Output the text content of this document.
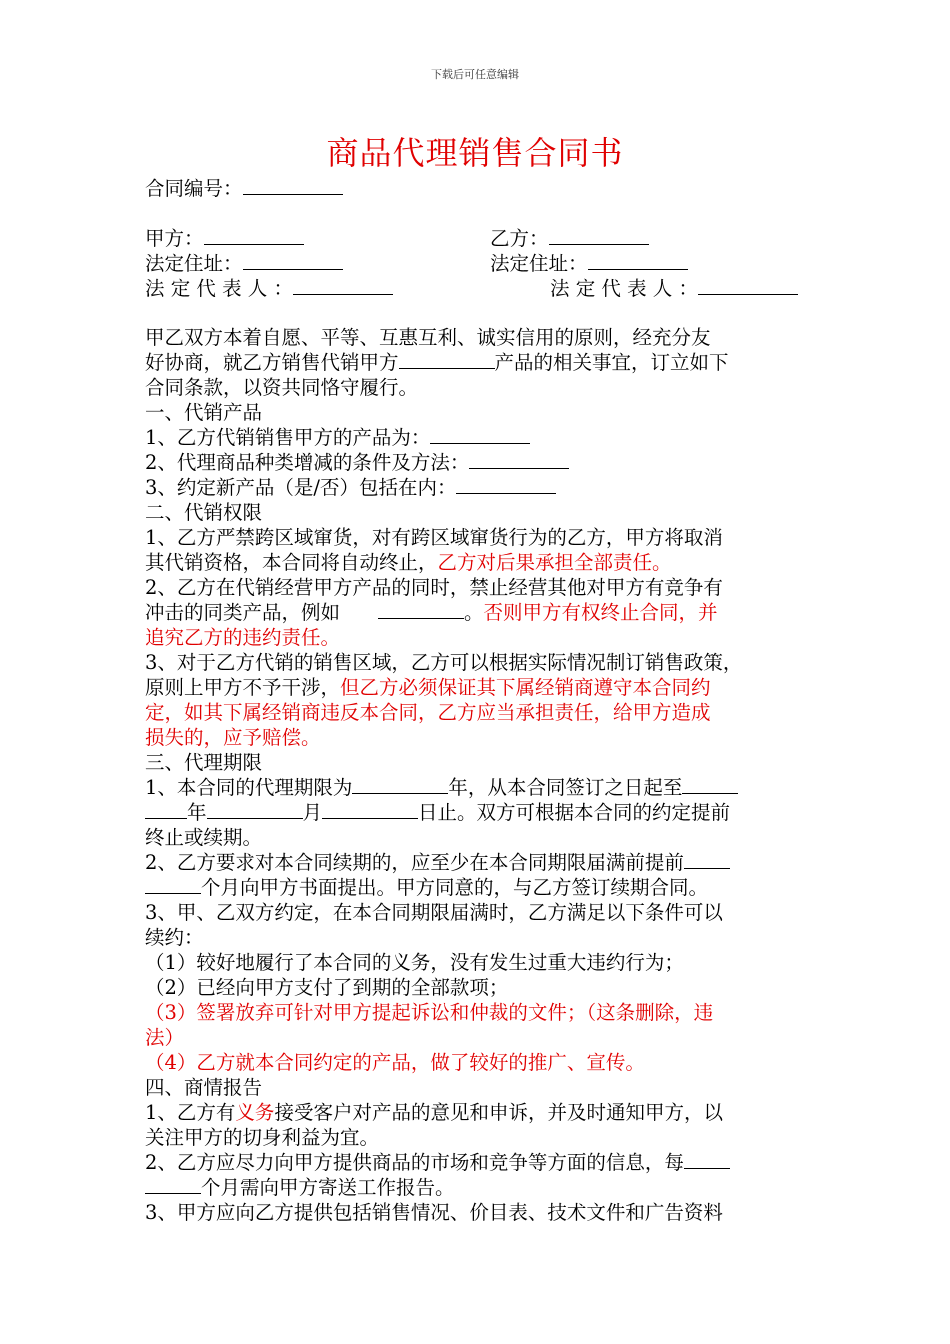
下载后可任意编辑
商品代理销售合同书
合同编号：
甲方：	乙方：
法定住址：	法定住址：
法 定 代 表 人 ：	法 定 代 表 人 ：
甲乙双方本着自愿、平等、互惠互利、诚实信用的原则，经充分友
好协商，就乙方销售代销甲方	产品的相关事宜，订立如下
合同条款，以资共同恪守履行。
一、代销产品
1、乙方代销销售甲方的产品为：
2、代理商品种类增减的条件及方法：
3、约定新产品（是/否）包括在内：
二、代销权限
1、乙方严禁跨区域窜货，对有跨区域窜货行为的乙方，甲方将取消
其代销资格，本合同将自动终止，乙方对后果承担全部责任。
2、乙方在代销经营甲方产品的同时，禁止经营其他对甲方有竞争有
冲击的同类产品，例如	。否则甲方有权终止合同，并
追究乙方的违约责任。
3、对于乙方代销的销售区域，乙方可以根据实际情况制订销售政策，
原则上甲方不予干涉，但乙方必须保证其下属经销商遵守本合同约
定，如其下属经销商违反本合同，乙方应当承担责任，给甲方造成
损失的，应予赔偿。
三、代理期限
1、本合同的代理期限为	年，从本合同签订之日起至
年	月	日止。双方可根据本合同的约定提前
终止或续期。
2、乙方要求对本合同续期的，应至少在本合同期限届满前提前
个月向甲方书面提出。甲方同意的，与乙方签订续期合同。
3、甲、乙双方约定，在本合同期限届满时，乙方满足以下条件可以
续约：
（1）较好地履行了本合同的义务，没有发生过重大违约行为；
（2）已经向甲方支付了到期的全部款项；
（3）签署放弃可针对甲方提起诉讼和仲裁的文件；（这条删除，违
法）
（4）乙方就本合同约定的产品，做了较好的推广、宣传。
四、商情报告
1、乙方有义务接受客户对产品的意见和申诉，并及时通知甲方，以
关注甲方的切身利益为宜。
2、乙方应尽力向甲方提供商品的市场和竞争等方面的信息，每
个月需向甲方寄送工作报告。
3、甲方应向乙方提供包括销售情况、价目表、技术文件和广告资料
